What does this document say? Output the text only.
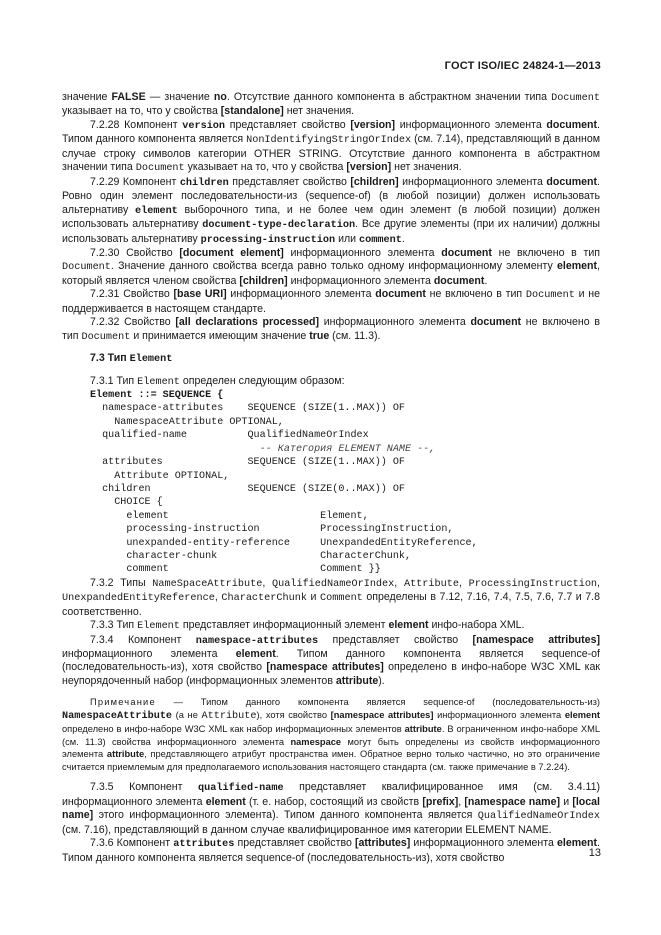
ГОСТ ISO/IEC 24824-1—2013

значение FALSE — значение no. Отсутствие данного компонента в абстрактном значении типа Document указывает на то, что у свойства [standalone] нет значения.

7.2.28 Компонент version представляет свойство [version] информационного элемента document. Типом данного компонента является NonIdentifyingStringOrIndex (см. 7.14), представляющий в данном случае строку символов категории OTHER STRING. Отсутствие данного компонента в абстрактном значении типа Document указывает на то, что у свойства [version] нет значения.

7.2.29 Компонент children представляет свойство [children] информационного элемента document. Ровно один элемент последовательности-из (sequence-of) (в любой позиции) должен использовать альтернативу element выборочного типа, и не более чем один элемент (в любой позиции) должен использовать альтернативу document-type-declaration. Все другие элементы (при их наличии) должны использовать альтернативу processing-instruction или comment.

7.2.30 Свойство [document element] информационного элемента document не включено в тип Document. Значение данного свойства всегда равно только одному информационному элементу element, который является членом свойства [children] информационного элемента document.

7.2.31 Свойство [base URI] информационного элемента document не включено в тип Document и не поддерживается в настоящем стандарте.

7.2.32 Свойство [all declarations processed] информационного элемента document не включено в тип Document и принимается имеющим значение true (см. 11.3).

7.3 Тип Element

7.3.1 Тип Element определен следующим образом:

Element ::= SEQUENCE {

namespace-attributes    SEQUENCE (SIZE(1..MAX)) OF

NamespaceAttribute OPTIONAL,

qualified-name          QualifiedNameOrIndex

-- Категория ELEMENT NAME --,

attributes              SEQUENCE (SIZE(1..MAX)) OF

Attribute OPTIONAL,

children                SEQUENCE (SIZE(0..MAX)) OF

CHOICE {

element                         Element,

processing-instruction          ProcessingInstruction,

unexpanded-entity-reference     UnexpandedEntityReference,

character-chunk                 CharacterChunk,

comment                         Comment }}

7.3.2 Типы NameSpaceAttribute, QualifiedNameOrIndex, Attribute, ProcessingInstruction, UnexpandedEntityReference, CharacterChunk и Comment определены в 7.12, 7.16, 7.4, 7.5, 7.6, 7.7 и 7.8 соответственно.

7.3.3 Тип Element представляет информационный элемент element инфо-набора XML.

7.3.4 Компонент namespace-attributes представляет свойство [namespace attributes] информационного элемента element. Типом данного компонента является sequence-of (последовательность-из), хотя свойство [namespace attributes] определено в инфо-наборе W3C XML как неупорядоченный набор (информационных элементов attribute).

Примечание — Типом данного компонента является sequence-of (последовательность-из) NamespaceAttribute (а не Attribute), хотя свойство [namespace attributes] информационного элемента element определено в инфо-наборе W3C XML как набор информационных элементов attribute. В ограниченном инфо-наборе XML (см. 11.3) свойства информационного элемента namespace могут быть определены из свойств информационного элемента attribute, представляющего атрибут пространства имен. Обратное верно только частично, но это ограничение считается приемлемым для предполагаемого использования настоящего стандарта (см. также примечание в 7.2.24).

7.3.5 Компонент qualified-name представляет квалифицированное имя (см. 3.4.11) информационного элемента element (т. е. набор, состоящий из свойств [prefix], [namespace name] и [local name] этого информационного элемента). Типом данного компонента является QualifiedNameOrIndex (см. 7.16), представляющий в данном случае квалифицированное имя категории ELEMENT NAME.

7.3.6 Компонент attributes представляет свойство [attributes] информационного элемента element. Типом данного компонента является sequence-of (последовательность-из), хотя свойство	13
